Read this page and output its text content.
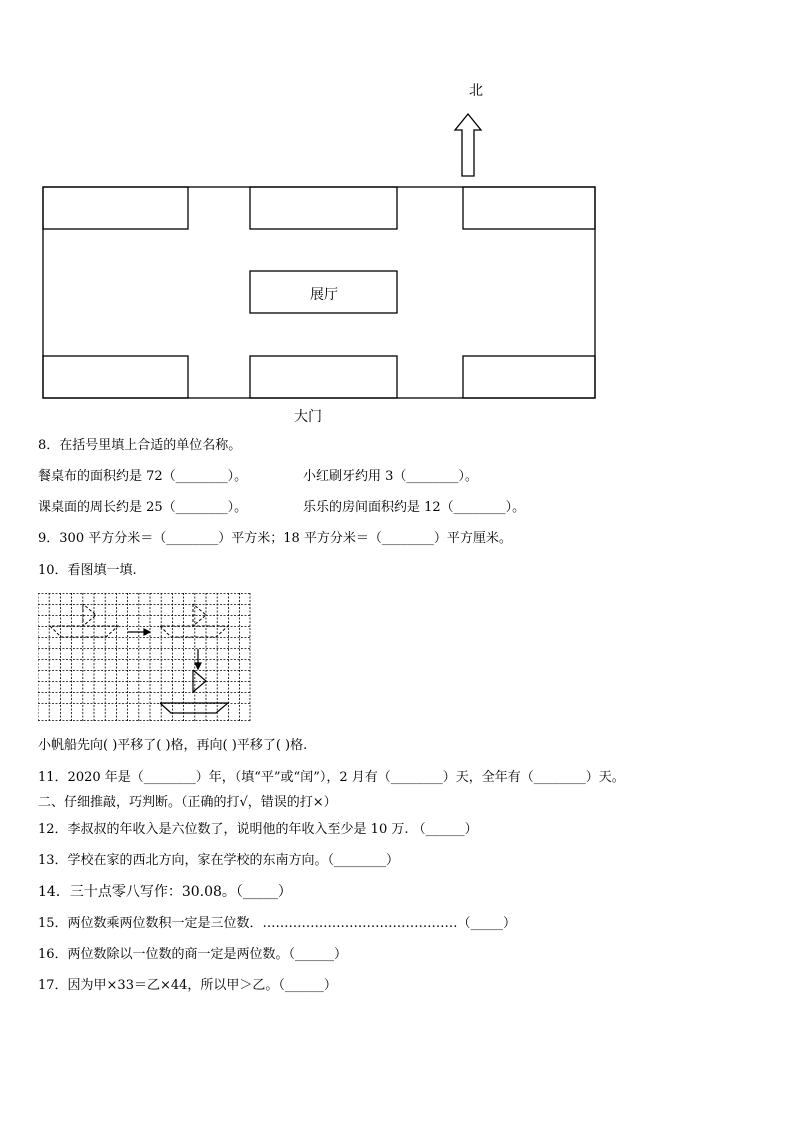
北
展厅
大门
8．在括号里填上合适的单位名称。
餐桌布的面积约是 72（________）。	小红刷牙约用 3（________）。
课桌面的周长约是 25（________）。	乐乐的房间面积约是 12（________）。
9．300 平方分米＝（________）平方米；18 平方分米＝（________）平方厘米。
10．看图填一填.
小帆船先向( )平移了( )格，再向( )平移了( )格.
11．2020 年是（________）年，（填“平”或“闰”），2 月有（________）天，全年有（________）天。
二、仔细推敲，巧判断。（正确的打√，错误的打×）
12．李叔叔的年收入是六位数了，说明他的年收入至少是 10 万. （______）
13．学校在家的西北方向，家在学校的东南方向。（________）
14．三十点零八写作：30.08。（_____）
15．两位数乘两位数积一定是三位数．………………………………………（_____）
16．两位数除以一位数的商一定是两位数。（______）
17．因为甲×33＝乙×44，所以甲＞乙。（______）
